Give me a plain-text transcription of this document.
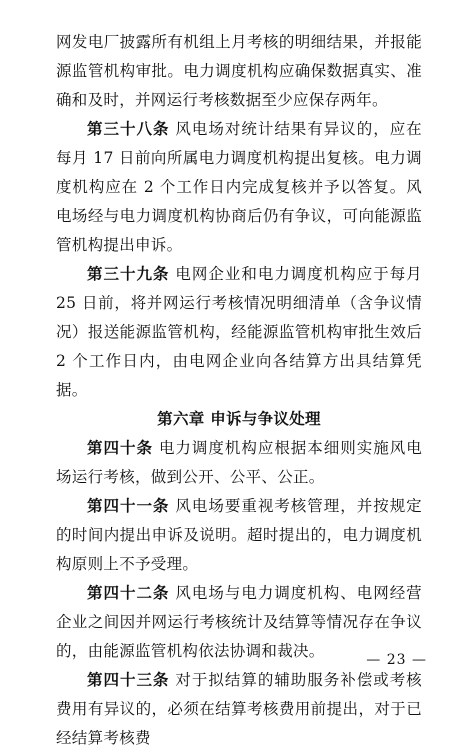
网发电厂披露所有机组上月考核的明细结果，并报能源监管机构审批。电力调度机构应确保数据真实、准确和及时，并网运行考核数据至少应保存两年。

第三十八条 风电场对统计结果有异议的，应在每月 17 日前向所属电力调度机构提出复核。电力调度机构应在 2 个工作日内完成复核并予以答复。风电场经与电力调度机构协商后仍有争议，可向能源监管机构提出申诉。

第三十九条 电网企业和电力调度机构应于每月 25 日前，将并网运行考核情况明细清单（含争议情况）报送能源监管机构，经能源监管机构审批生效后 2 个工作日内，由电网企业向各结算方出具结算凭据。

第六章 申诉与争议处理

第四十条 电力调度机构应根据本细则实施风电场运行考核，做到公开、公平、公正。

第四十一条 风电场要重视考核管理，并按规定的时间内提出申诉及说明。超时提出的，电力调度机构原则上不予受理。

第四十二条 风电场与电力调度机构、电网经营企业之间因并网运行考核统计及结算等情况存在争议的，由能源监管机构依法协调和裁决。

第四十三条 对于拟结算的辅助服务补偿或考核费用有异议的，必须在结算考核费用前提出，对于已经结算考核费

— 23 —
